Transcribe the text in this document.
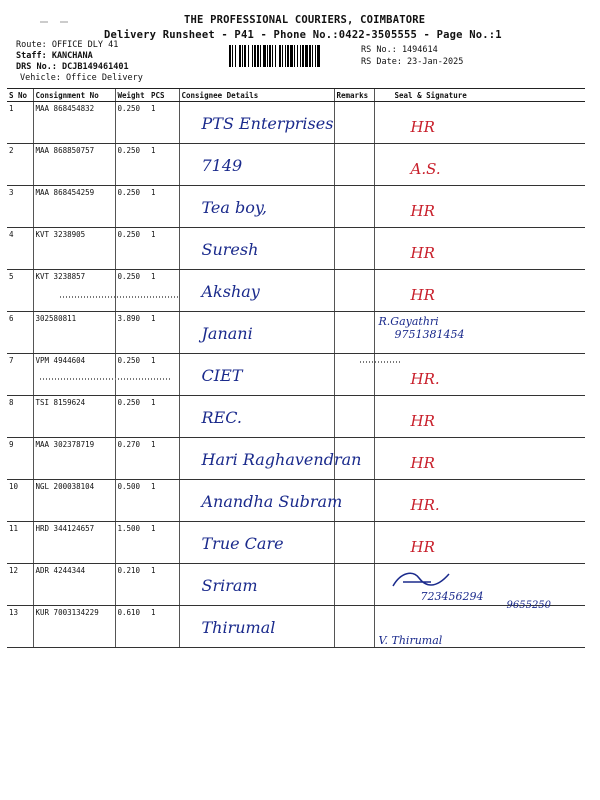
THE PROFESSIONAL COURIERS, COIMBATORE
Delivery Runsheet - P41 - Phone No.:0422-3505555 - Page No.:1
Route: OFFICE DLY 41
Staff: KANCHANA
DRS No.: DCJB149461401
Vehicle: Office Delivery
RS No.: 1494614
RS Date: 23-Jan-2025
S No	Consignment No	Weight	PCS	Consignee Details	Remarks	Seal & Signature
1	MAA 868454832	0.250	1	PTS Enterprises		HR

2	MAA 868850757	0.250	1	7149		A.S.

3	MAA 868454259	0.250	1	Tea boy,		HR

4	KVT 3238905	0.250	1	Suresh		HR

5	KVT 3238857	0.250	1	Akshay		HR

6	302580811	3.890	1	Janani		R.Gayathri
9751381454

7	VPM 4944604	0.250	1	CIET		HR.

8	TSI 8159624	0.250	1	REC.		HR

9	MAA 302378719	0.270	1	Hari Raghavendran		HR

10	NGL 200038104	0.500	1	Anandha Subram		HR.

11	HRD 344124657	1.500	1	True Care		HR

12	ADR 4244344	0.210	1	Sriram		723456294
9655250

13	KUR 7003134229	0.610	1	Thirumal		V. Thirumal
